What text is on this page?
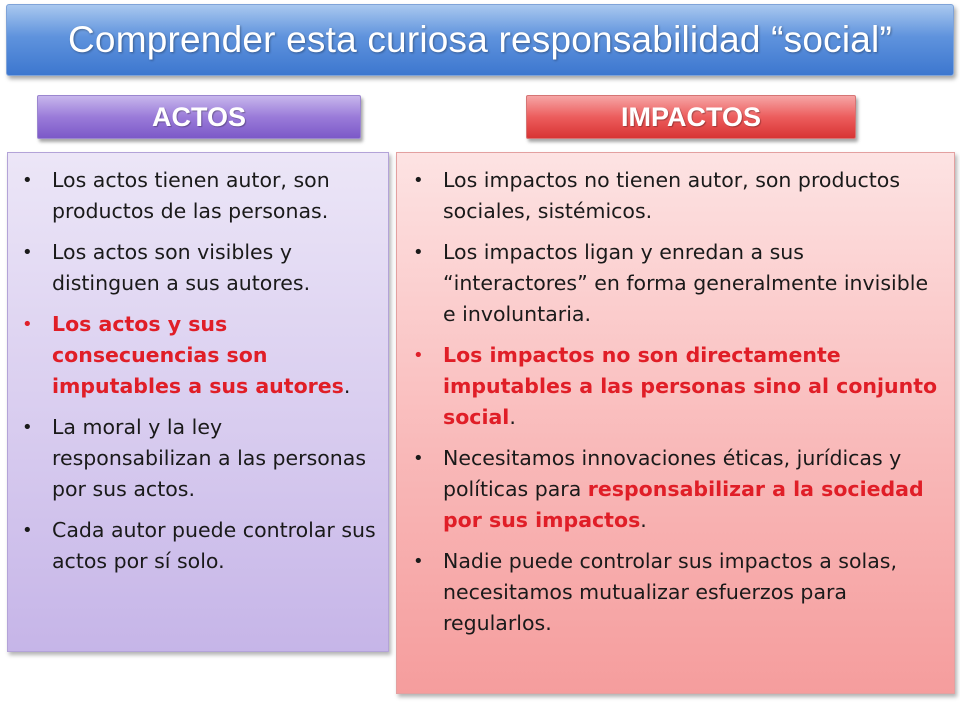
Comprender esta curiosa responsabilidad “social”
ACTOS	IMPACTOS
• Los actos tienen autor, son productos de las personas.
• Los actos son visibles y distinguen a sus autores.
• Los actos y sus consecuencias son imputables a sus autores.
• La moral y la ley responsabilizan a las personas por sus actos.
• Cada autor puede controlar sus actos por sí solo.
• Los impactos no tienen autor, son productos sociales, sistémicos.
• Los impactos ligan y enredan a sus “interactores” en forma generalmente invisible e involuntaria.
• Los impactos no son directamente imputables a las personas sino al conjunto social.
• Necesitamos innovaciones éticas, jurídicas y políticas para responsabilizar a la sociedad por sus impactos.
• Nadie puede controlar sus impactos a solas, necesitamos mutualizar esfuerzos para regularlos.
